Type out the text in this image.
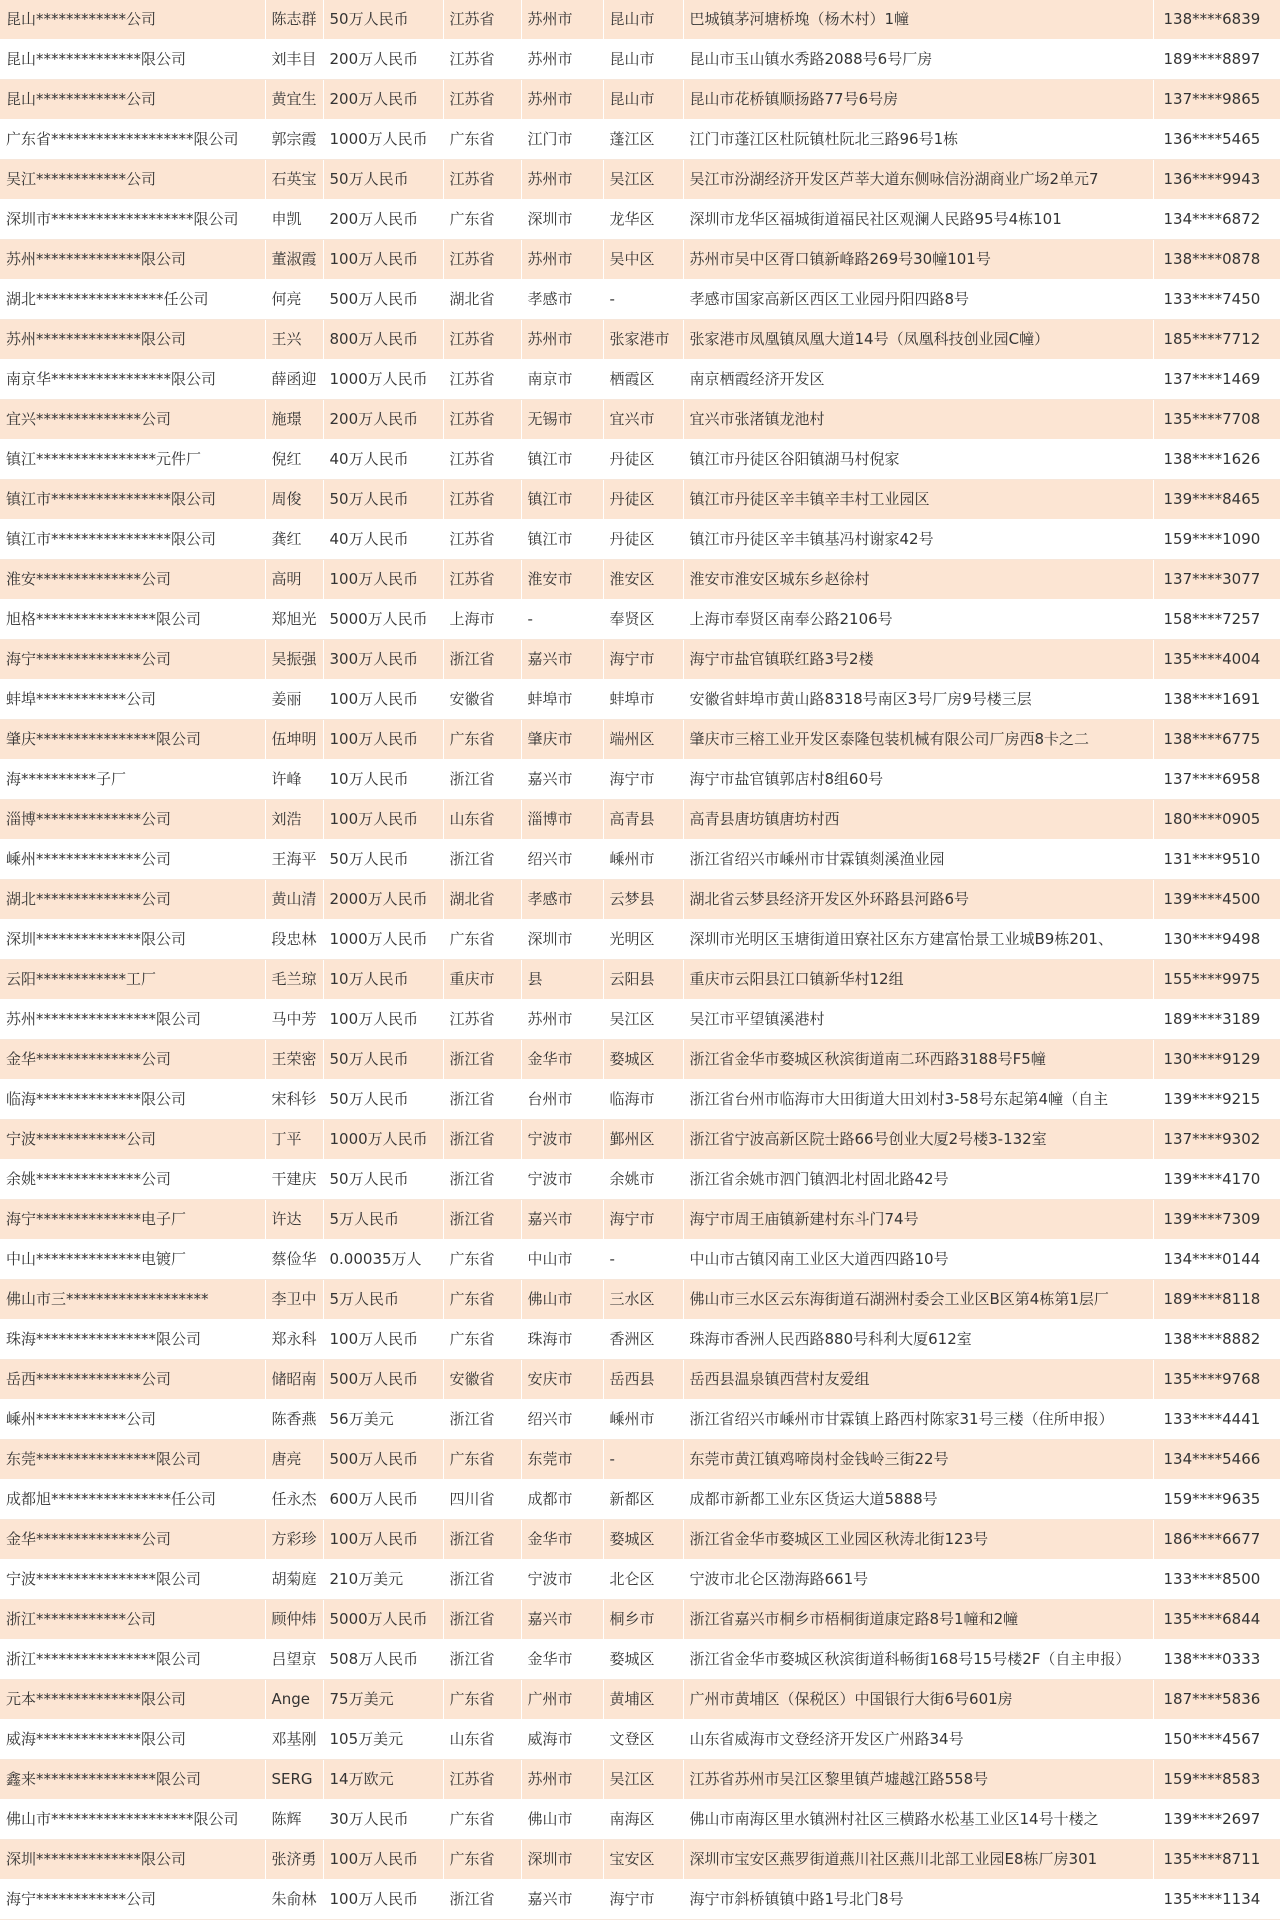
昆山************公司	陈志群	50万人民币	江苏省	苏州市	昆山市	巴城镇茅河塘桥堍（杨木村）1幢	138****6839
昆山**************限公司	刘丰目	200万人民币	江苏省	苏州市	昆山市	昆山市玉山镇水秀路2088号6号厂房	189****8897
昆山************公司	黄宜生	200万人民币	江苏省	苏州市	昆山市	昆山市花桥镇顺扬路77号6号房	137****9865
广东省*******************限公司	郭宗霞	1000万人民币	广东省	江门市	蓬江区	江门市蓬江区杜阮镇杜阮北三路96号1栋	136****5465
吴江************公司	石英宝	50万人民币	江苏省	苏州市	吴江区	吴江市汾湖经济开发区芦莘大道东侧咏信汾湖商业广场2单元7	136****9943
深圳市*******************限公司	申凯	200万人民币	广东省	深圳市	龙华区	深圳市龙华区福城街道福民社区观澜人民路95号4栋101	134****6872
苏州**************限公司	董淑霞	100万人民币	江苏省	苏州市	吴中区	苏州市吴中区胥口镇新峰路269号30幢101号	138****0878
湖北*****************任公司	何亮	500万人民币	湖北省	孝感市	-	孝感市国家高新区西区工业园丹阳四路8号	133****7450
苏州**************限公司	王兴	800万人民币	江苏省	苏州市	张家港市	张家港市凤凰镇凤凰大道14号（凤凰科技创业园C幢）	185****7712
南京华****************限公司	薛函迎	1000万人民币	江苏省	南京市	栖霞区	南京栖霞经济开发区	137****1469
宜兴**************公司	施璟	200万人民币	江苏省	无锡市	宜兴市	宜兴市张渚镇龙池村	135****7708
镇江****************元件厂	倪红	40万人民币	江苏省	镇江市	丹徒区	镇江市丹徒区谷阳镇湖马村倪家	138****1626
镇江市****************限公司	周俊	50万人民币	江苏省	镇江市	丹徒区	镇江市丹徒区辛丰镇辛丰村工业园区	139****8465
镇江市****************限公司	龚红	40万人民币	江苏省	镇江市	丹徒区	镇江市丹徒区辛丰镇基冯村谢家42号	159****1090
淮安**************公司	高明	100万人民币	江苏省	淮安市	淮安区	淮安市淮安区城东乡赵徐村	137****3077
旭格****************限公司	郑旭光	5000万人民币	上海市	-	奉贤区	上海市奉贤区南奉公路2106号	158****7257
海宁**************公司	吴振强	300万人民币	浙江省	嘉兴市	海宁市	海宁市盐官镇联红路3号2楼	135****4004
蚌埠************公司	姜丽	100万人民币	安徽省	蚌埠市	蚌埠市	安徽省蚌埠市黄山路8318号南区3号厂房9号楼三层	138****1691
肇庆****************限公司	伍坤明	100万人民币	广东省	肇庆市	端州区	肇庆市三榕工业开发区泰隆包装机械有限公司厂房西8卡之二	138****6775
海**********子厂	许峰	10万人民币	浙江省	嘉兴市	海宁市	海宁市盐官镇郭店村8组60号	137****6958
淄博**************公司	刘浩	100万人民币	山东省	淄博市	高青县	高青县唐坊镇唐坊村西	180****0905
嵊州**************公司	王海平	50万人民币	浙江省	绍兴市	嵊州市	浙江省绍兴市嵊州市甘霖镇剡溪渔业园	131****9510
湖北**************公司	黄山清	2000万人民币	湖北省	孝感市	云梦县	湖北省云梦县经济开发区外环路县河路6号	139****4500
深圳**************限公司	段忠林	1000万人民币	广东省	深圳市	光明区	深圳市光明区玉塘街道田寮社区东方建富怡景工业城B9栋201、	130****9498
云阳************工厂	毛兰琼	10万人民币	重庆市	县	云阳县	重庆市云阳县江口镇新华村12组	155****9975
苏州****************限公司	马中芳	100万人民币	江苏省	苏州市	吴江区	吴江市平望镇溪港村	189****3189
金华**************公司	王荣密	50万人民币	浙江省	金华市	婺城区	浙江省金华市婺城区秋滨街道南二环西路3188号F5幢	130****9129
临海**************限公司	宋科钐	50万人民币	浙江省	台州市	临海市	浙江省台州市临海市大田街道大田刘村3-58号东起第4幢（自主	139****9215
宁波************公司	丁平	1000万人民币	浙江省	宁波市	鄞州区	浙江省宁波高新区院士路66号创业大厦2号楼3-132室	137****9302
余姚**************公司	干建庆	50万人民币	浙江省	宁波市	余姚市	浙江省余姚市泗门镇泗北村固北路42号	139****4170
海宁**************电子厂	许达	5万人民币	浙江省	嘉兴市	海宁市	海宁市周王庙镇新建村东斗门74号	139****7309
中山**************电镀厂	蔡俭华	0.00035万人	广东省	中山市	-	中山市古镇冈南工业区大道西四路10号	134****0144
佛山市三*******************	李卫中	5万人民币	广东省	佛山市	三水区	佛山市三水区云东海街道石湖洲村委会工业区B区第4栋第1层厂	189****8118
珠海****************限公司	郑永科	100万人民币	广东省	珠海市	香洲区	珠海市香洲人民西路880号科利大厦612室	138****8882
岳西**************公司	储昭南	500万人民币	安徽省	安庆市	岳西县	岳西县温泉镇西营村友爱组	135****9768
嵊州************公司	陈香燕	56万美元	浙江省	绍兴市	嵊州市	浙江省绍兴市嵊州市甘霖镇上路西村陈家31号三楼（住所申报）	133****4441
东莞****************限公司	唐亮	500万人民币	广东省	东莞市	-	东莞市黄江镇鸡啼岗村金钱岭三街22号	134****5466
成都旭****************任公司	任永杰	600万人民币	四川省	成都市	新都区	成都市新都工业东区货运大道5888号	159****9635
金华**************公司	方彩珍	100万人民币	浙江省	金华市	婺城区	浙江省金华市婺城区工业园区秋涛北街123号	186****6677
宁波****************限公司	胡菊庭	210万美元	浙江省	宁波市	北仑区	宁波市北仑区渤海路661号	133****8500
浙江************公司	顾仲炜	5000万人民币	浙江省	嘉兴市	桐乡市	浙江省嘉兴市桐乡市梧桐街道康定路8号1幢和2幢	135****6844
浙江****************限公司	吕望京	508万人民币	浙江省	金华市	婺城区	浙江省金华市婺城区秋滨街道科畅街168号15号楼2F（自主申报）	138****0333
元本**************限公司	Ange	75万美元	广东省	广州市	黄埔区	广州市黄埔区（保税区）中国银行大街6号601房	187****5836
威海**************限公司	邓基刚	105万美元	山东省	威海市	文登区	山东省威海市文登经济开发区广州路34号	150****4567
鑫来****************限公司	SERG	14万欧元	江苏省	苏州市	吴江区	江苏省苏州市吴江区黎里镇芦墟越江路558号	159****8583
佛山市*******************限公司	陈辉	30万人民币	广东省	佛山市	南海区	佛山市南海区里水镇洲村社区三横路水松基工业区14号十楼之	139****2697
深圳**************限公司	张济勇	100万人民币	广东省	深圳市	宝安区	深圳市宝安区燕罗街道燕川社区燕川北部工业园E8栋厂房301	135****8711
海宁************公司	朱俞林	100万人民币	浙江省	嘉兴市	海宁市	海宁市斜桥镇镇中路1号北门8号	135****1134
